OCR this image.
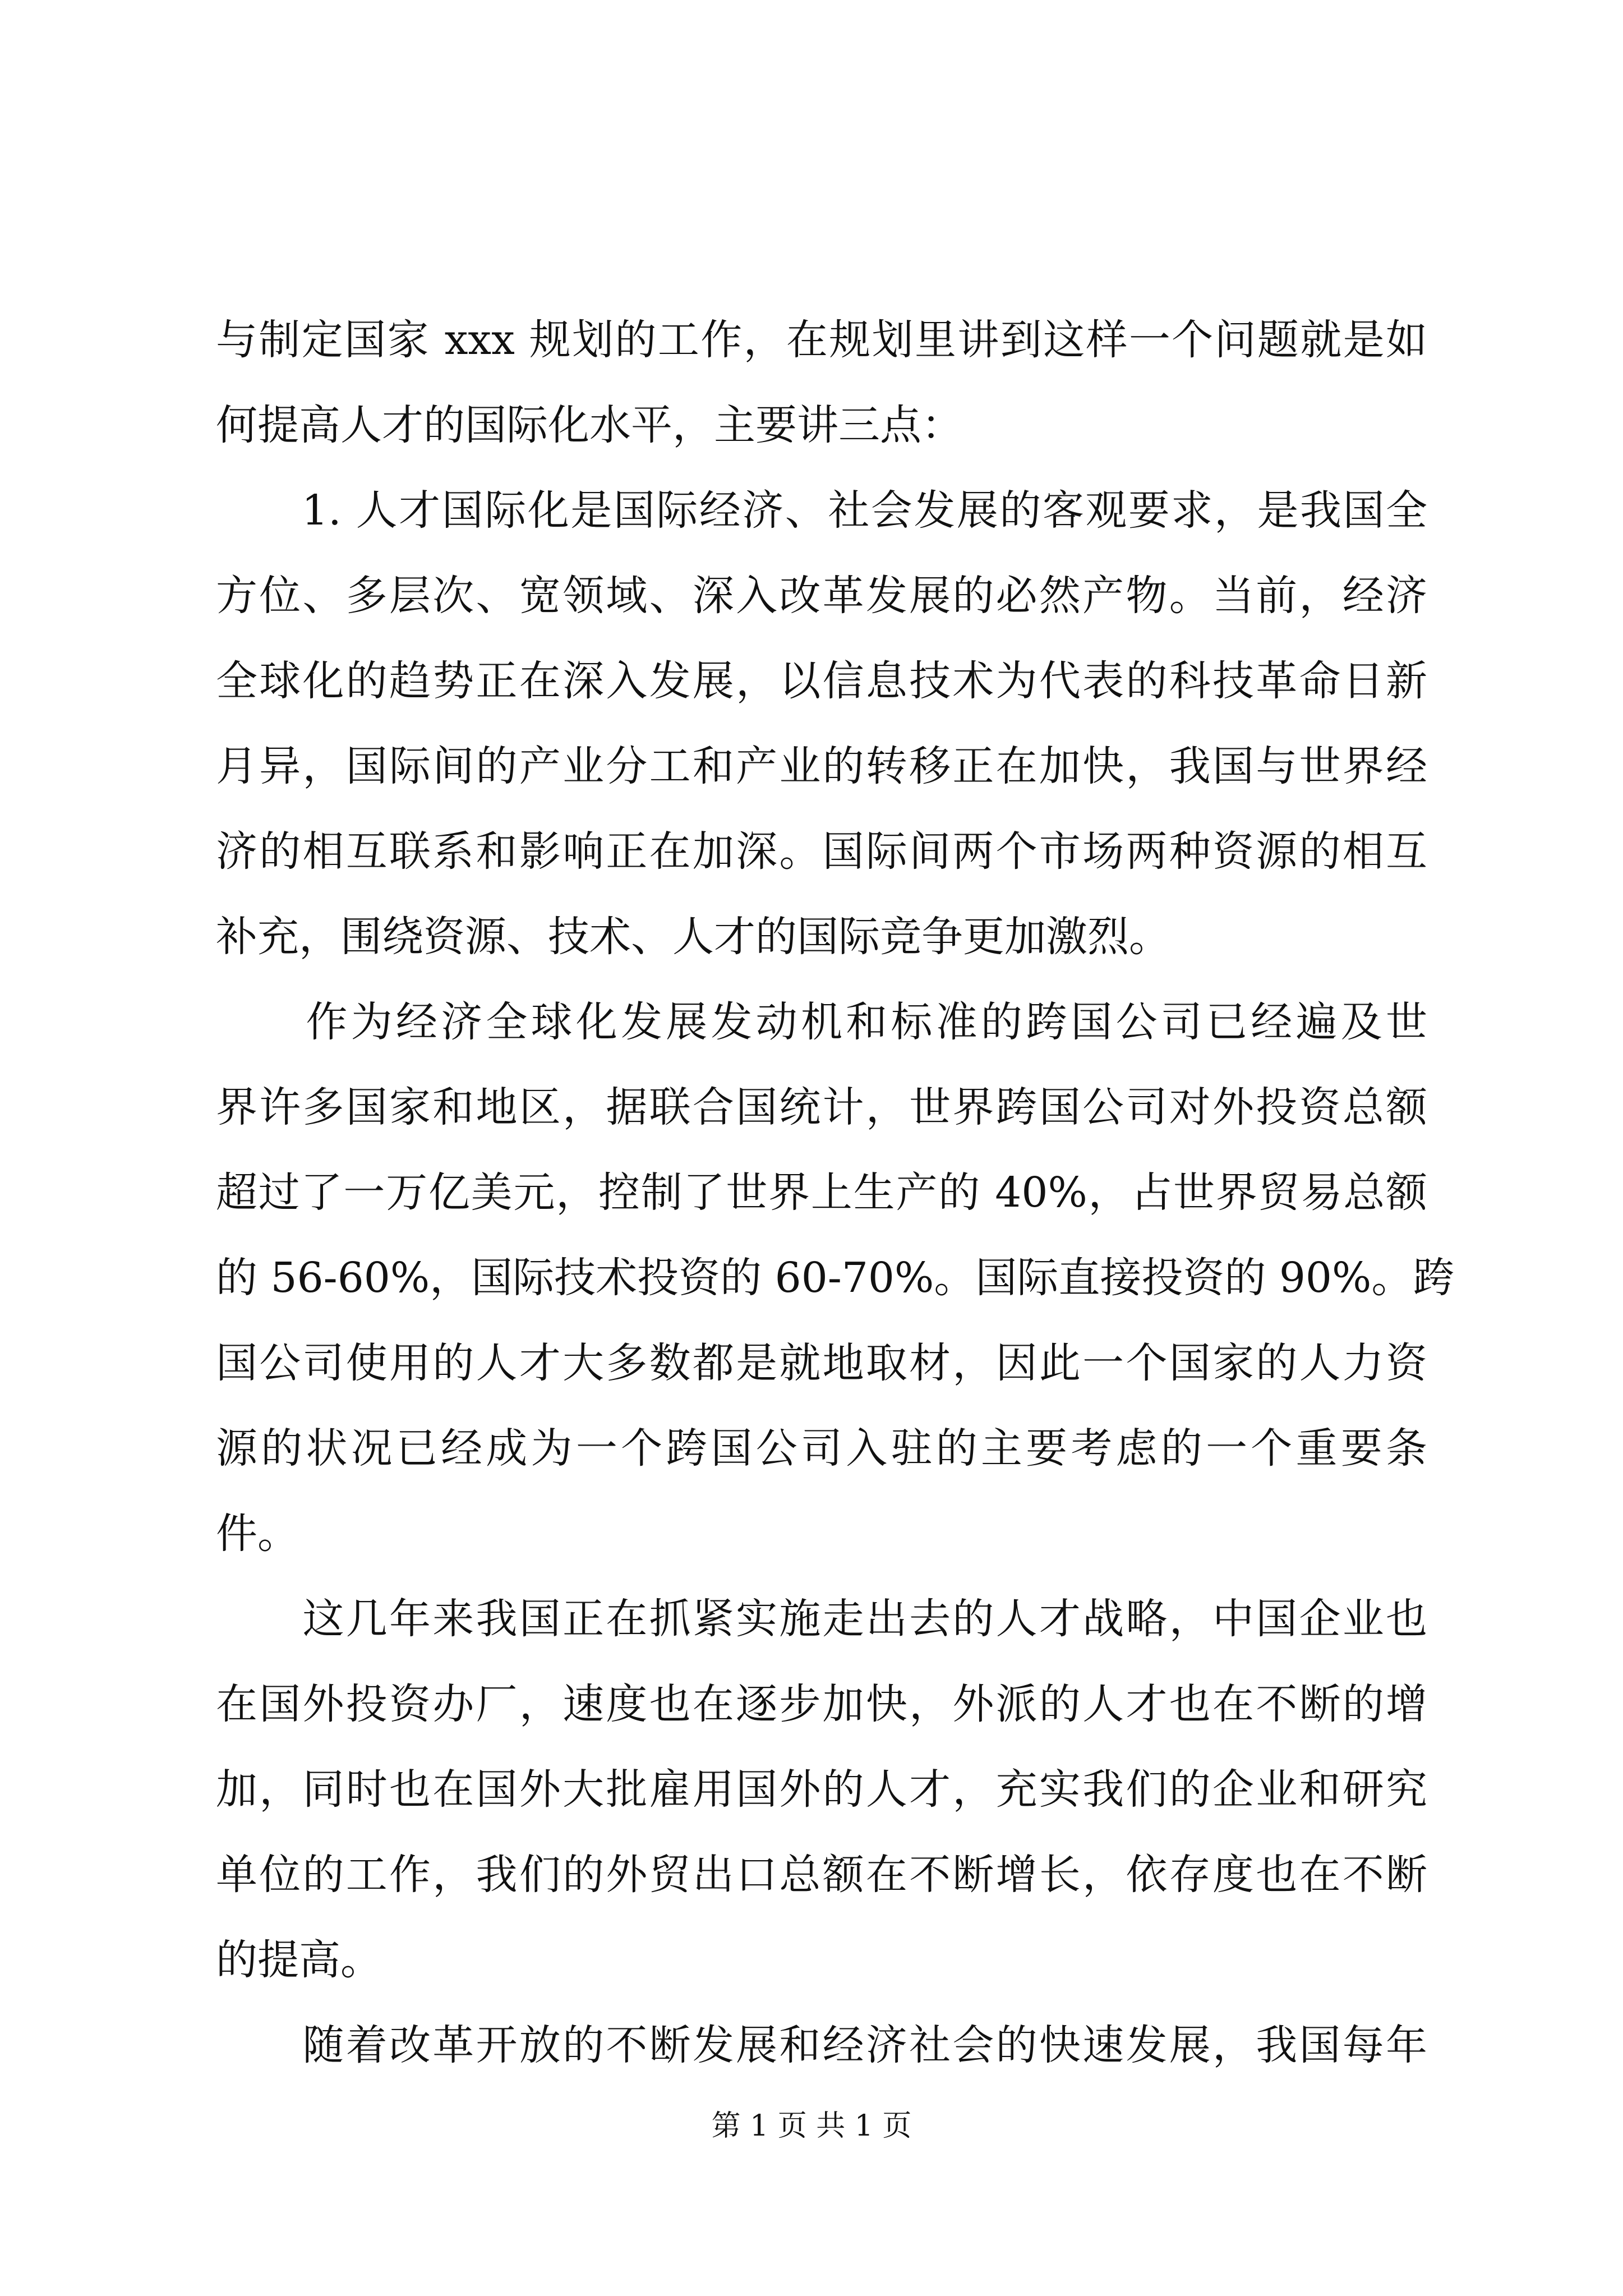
与制定国家 xxx 规划的工作，在规划里讲到这样一个问题就是如
何提高人才的国际化水平，主要讲三点：
　　1. 人才国际化是国际经济、社会发展的客观要求，是我国全
方位、多层次、宽领域、深入改革发展的必然产物。当前，经济
全球化的趋势正在深入发展，以信息技术为代表的科技革命日新
月异，国际间的产业分工和产业的转移正在加快，我国与世界经
济的相互联系和影响正在加深。国际间两个市场两种资源的相互
补充，围绕资源、技术、人才的国际竞争更加激烈。
　　作为经济全球化发展发动机和标准的跨国公司已经遍及世
界许多国家和地区，据联合国统计，世界跨国公司对外投资总额
超过了一万亿美元，控制了世界上生产的 40%，占世界贸易总额
的 56-60%，国际技术投资的 60-70%。国际直接投资的 90%。跨
国公司使用的人才大多数都是就地取材，因此一个国家的人力资
源的状况已经成为一个跨国公司入驻的主要考虑的一个重要条
件。
　　这几年来我国正在抓紧实施走出去的人才战略，中国企业也
在国外投资办厂，速度也在逐步加快，外派的人才也在不断的增
加，同时也在国外大批雇用国外的人才，充实我们的企业和研究
单位的工作，我们的外贸出口总额在不断增长，依存度也在不断
的提高。
　　随着改革开放的不断发展和经济社会的快速发展，我国每年
第 1 页 共 1 页
